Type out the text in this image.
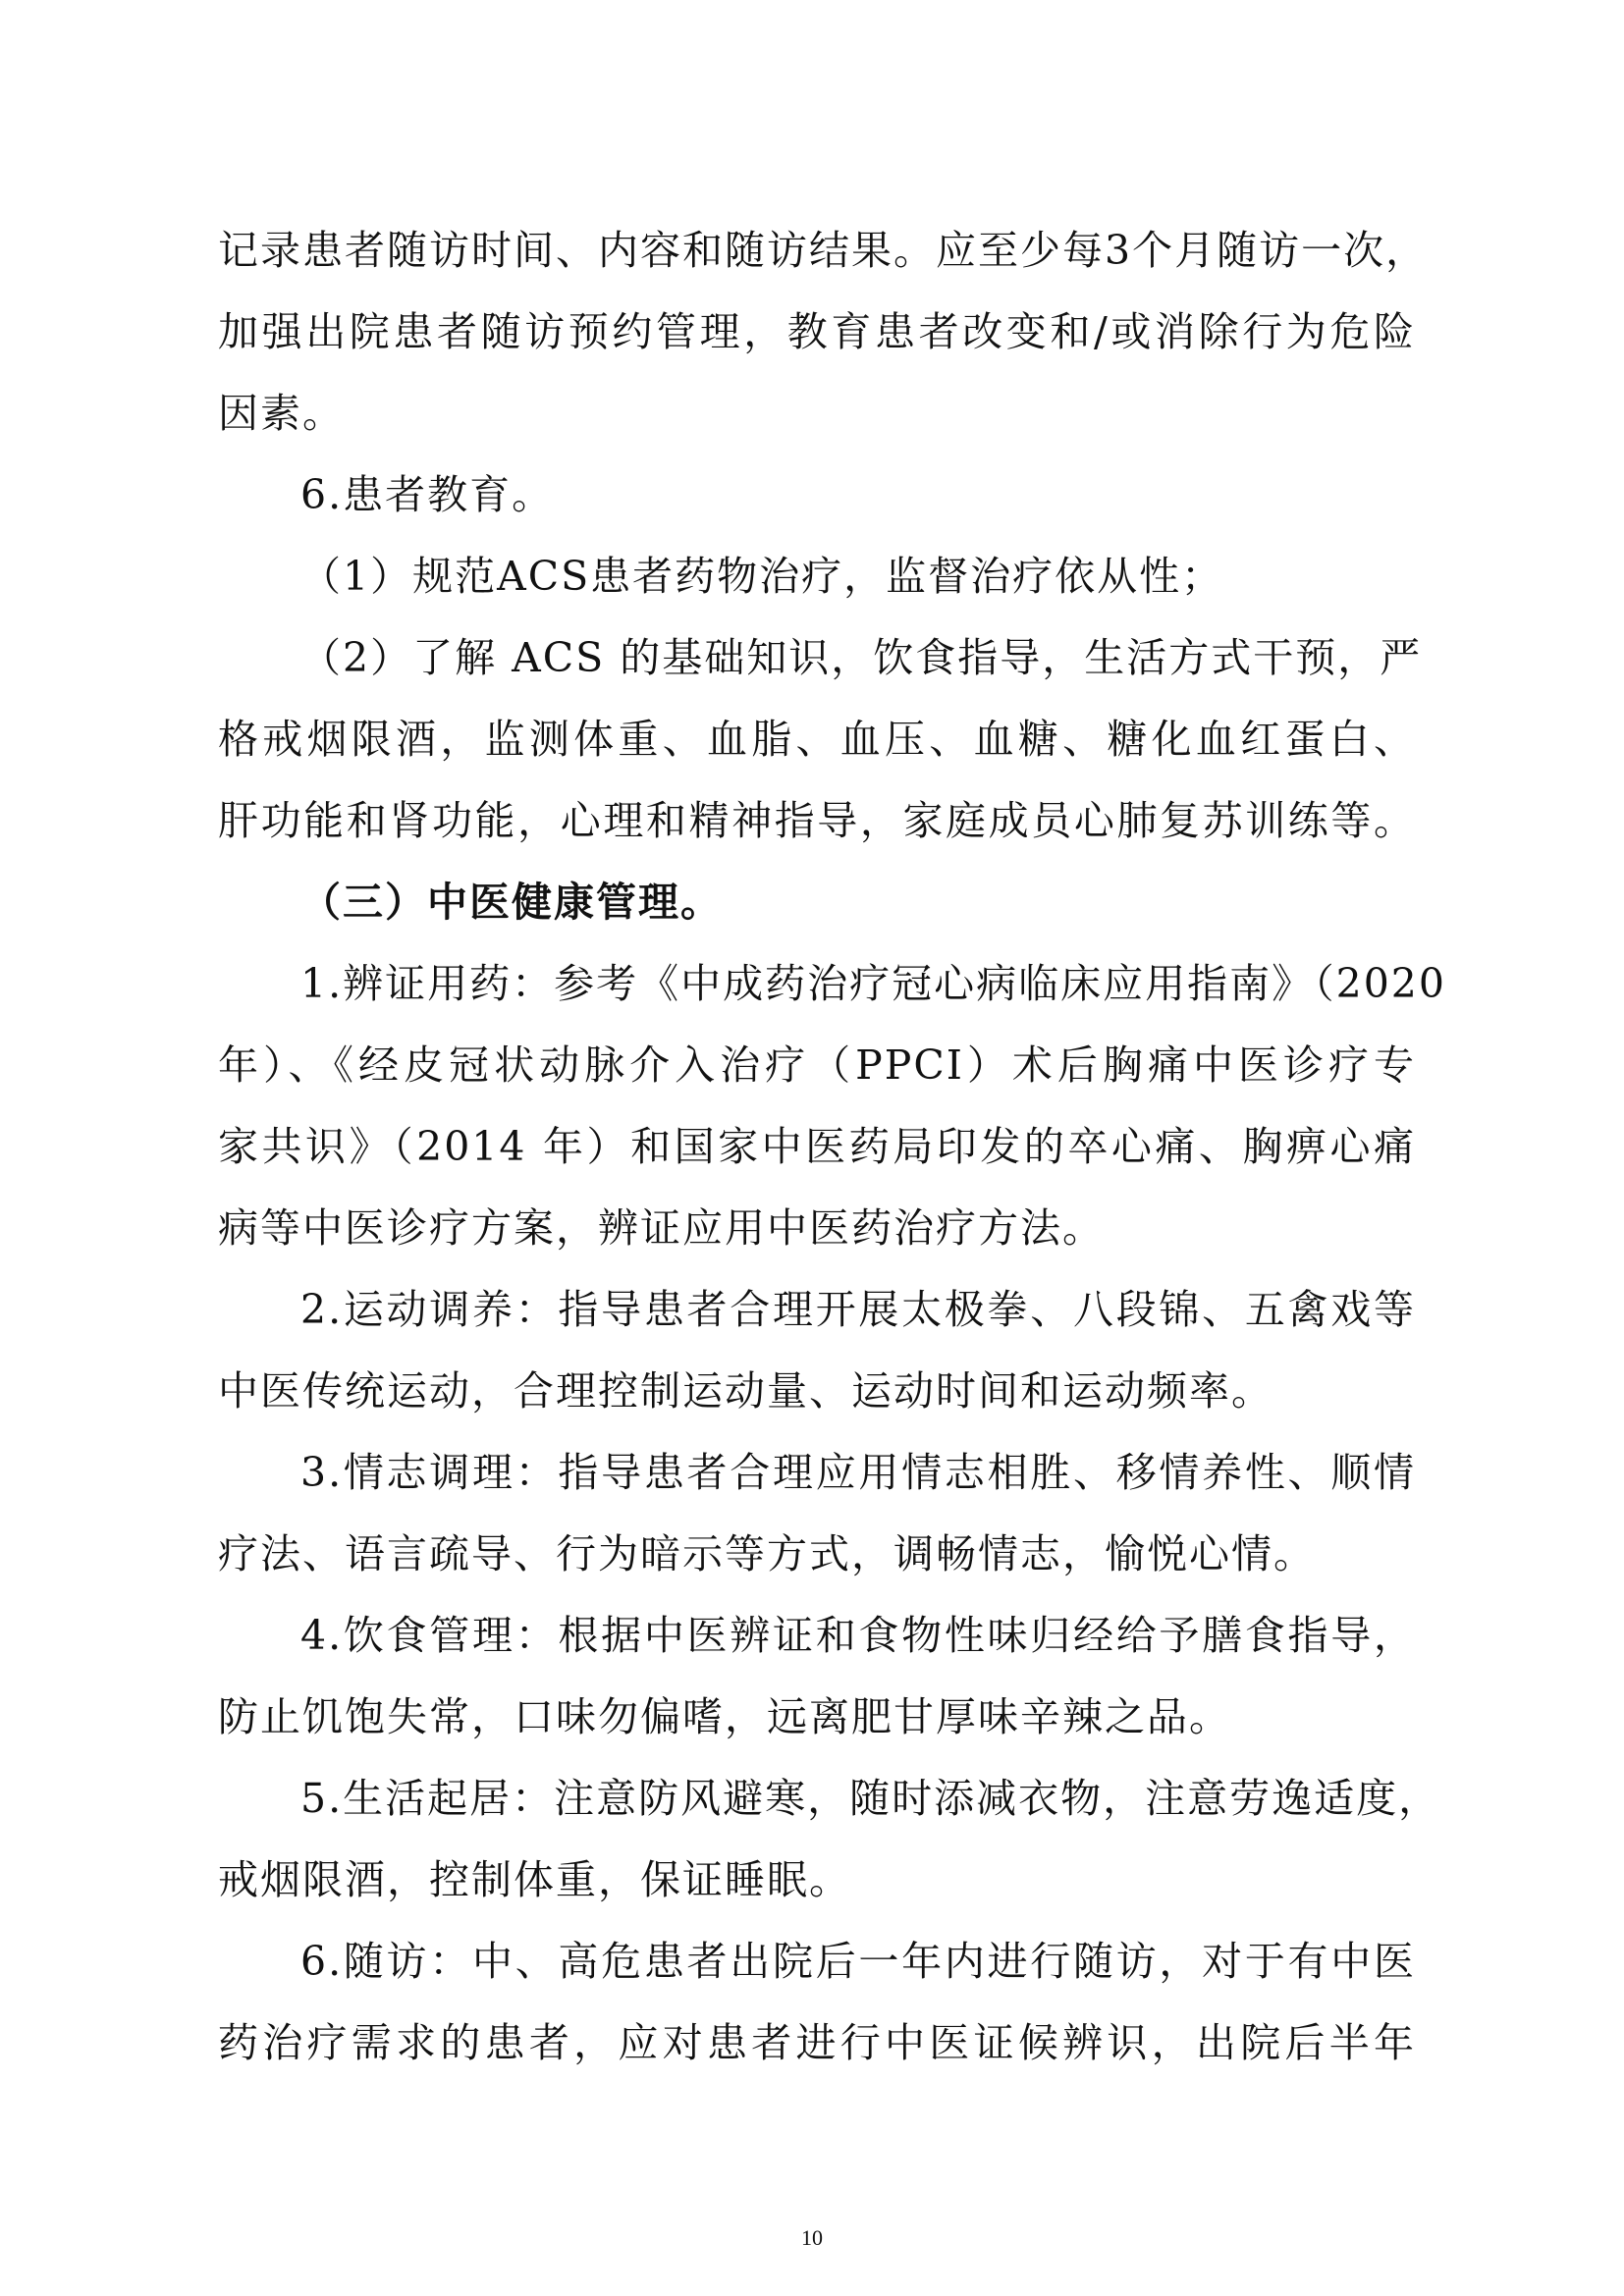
记录患者随访时间、内容和随访结果。应至少每3个月随访一次，
加强出院患者随访预约管理，教育患者改变和/或消除行为危险
因素。
6.患者教育。
（1）规范ACS患者药物治疗，监督治疗依从性；
（2）了解 ACS 的基础知识，饮食指导，生活方式干预，严
格戒烟限酒，监测体重、血脂、血压、血糖、糖化血红蛋白、
肝功能和肾功能，心理和精神指导，家庭成员心肺复苏训练等。
（三）中医健康管理。
1.辨证用药：参考《中成药治疗冠心病临床应用指南》（2020
年）、《经皮冠状动脉介入治疗（PPCI）术后胸痛中医诊疗专
家共识》（2014 年）和国家中医药局印发的卒心痛、胸痹心痛
病等中医诊疗方案，辨证应用中医药治疗方法。
2.运动调养：指导患者合理开展太极拳、八段锦、五禽戏等
中医传统运动，合理控制运动量、运动时间和运动频率。
3.情志调理：指导患者合理应用情志相胜、移情养性、顺情
疗法、语言疏导、行为暗示等方式，调畅情志，愉悦心情。
4.饮食管理：根据中医辨证和食物性味归经给予膳食指导，
防止饥饱失常，口味勿偏嗜，远离肥甘厚味辛辣之品。
5.生活起居：注意防风避寒，随时添减衣物，注意劳逸适度，
戒烟限酒，控制体重，保证睡眠。
6.随访：中、高危患者出院后一年内进行随访，对于有中医
药治疗需求的患者，应对患者进行中医证候辨识，出院后半年
10
